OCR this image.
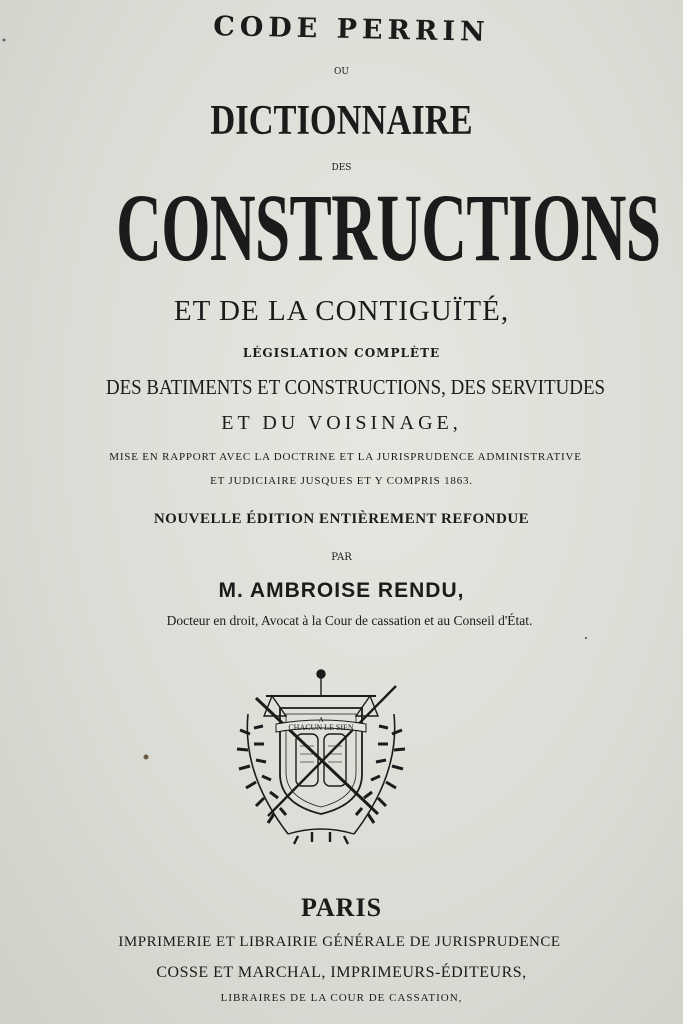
CODE PERRIN
OU
DICTIONNAIRE
DES
CONSTRUCTIONS
ET DE LA CONTIGUÏTÉ,
LÉGISLATION COMPLÈTE
DES BATIMENTS ET CONSTRUCTIONS, DES SERVITUDES
ET DU VOISINAGE,
MISE EN RAPPORT AVEC LA DOCTRINE ET LA JURISPRUDENCE ADMINISTRATIVE
ET JUDICIAIRE JUSQUES ET Y COMPRIS 1863.
NOUVELLE ÉDITION ENTIÈREMENT REFONDUE
PAR
M. AMBROISE RENDU,
Docteur en droit, Avocat à la Cour de cassation et au Conseil d'État.
A
CHACUN LE SIEN
PARIS
IMPRIMERIE ET LIBRAIRIE GÉNÉRALE DE JURISPRUDENCE
COSSE ET MARCHAL, IMPRIMEURS-ÉDITEURS,
LIBRAIRES DE LA COUR DE CASSATION,
